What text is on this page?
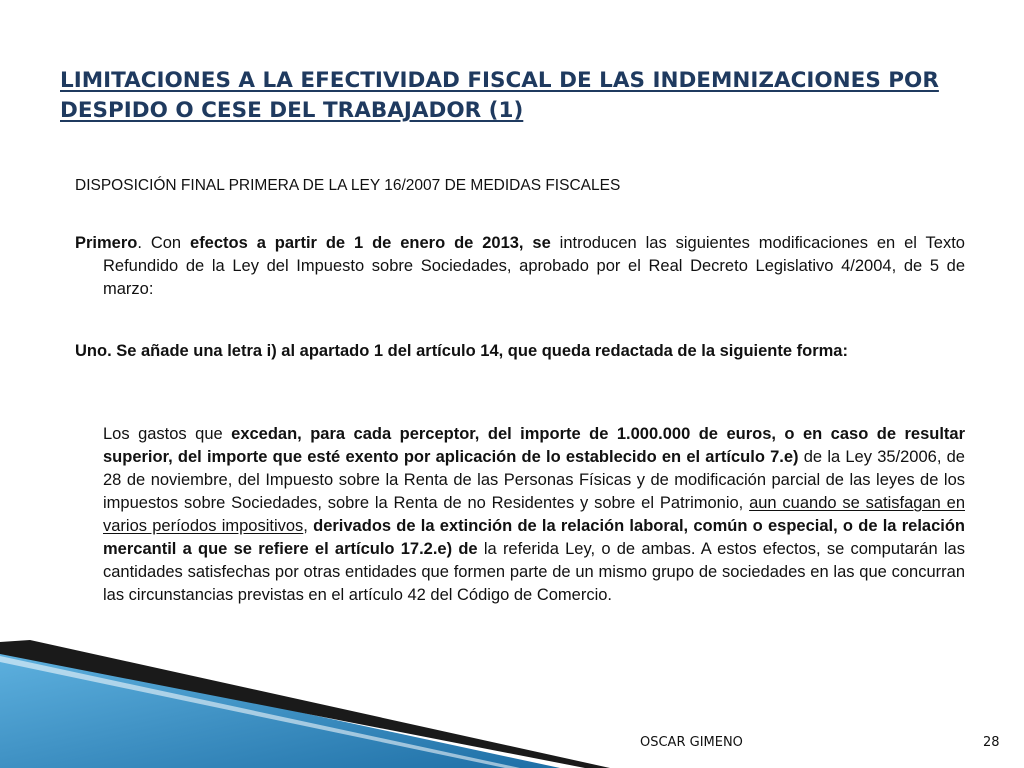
LIMITACIONES A LA EFECTIVIDAD FISCAL DE LAS INDEMNIZACIONES POR
DESPIDO O CESE DEL TRABAJADOR (1)
DISPOSICIÓN FINAL PRIMERA DE LA LEY 16/2007 DE MEDIDAS FISCALES
Primero. Con efectos a partir de 1 de enero de 2013, se introducen las siguientes modificaciones en el Texto Refundido de la Ley del Impuesto sobre Sociedades, aprobado por el Real Decreto Legislativo 4/2004, de 5 de marzo:
Uno. Se añade una letra i) al apartado 1 del artículo 14, que queda redactada de la siguiente forma:
Los gastos que excedan, para cada perceptor, del importe de 1.000.000 de euros, o en caso de resultar superior, del importe que esté exento por aplicación de lo establecido en el artículo 7.e) de la Ley 35/2006, de 28 de noviembre, del Impuesto sobre la Renta de las Personas Físicas y de modificación parcial de las leyes de los impuestos sobre Sociedades, sobre la Renta de no Residentes y sobre el Patrimonio, aun cuando se satisfagan en varios períodos impositivos, derivados de la extinción de la relación laboral, común o especial, o de la relación mercantil a que se refiere el artículo 17.2.e) de la referida Ley, o de ambas. A estos efectos, se computarán las cantidades satisfechas por otras entidades que formen parte de un mismo grupo de sociedades en las que concurran las circunstancias previstas en el artículo 42 del Código de Comercio.
OSCAR GIMENO	28
